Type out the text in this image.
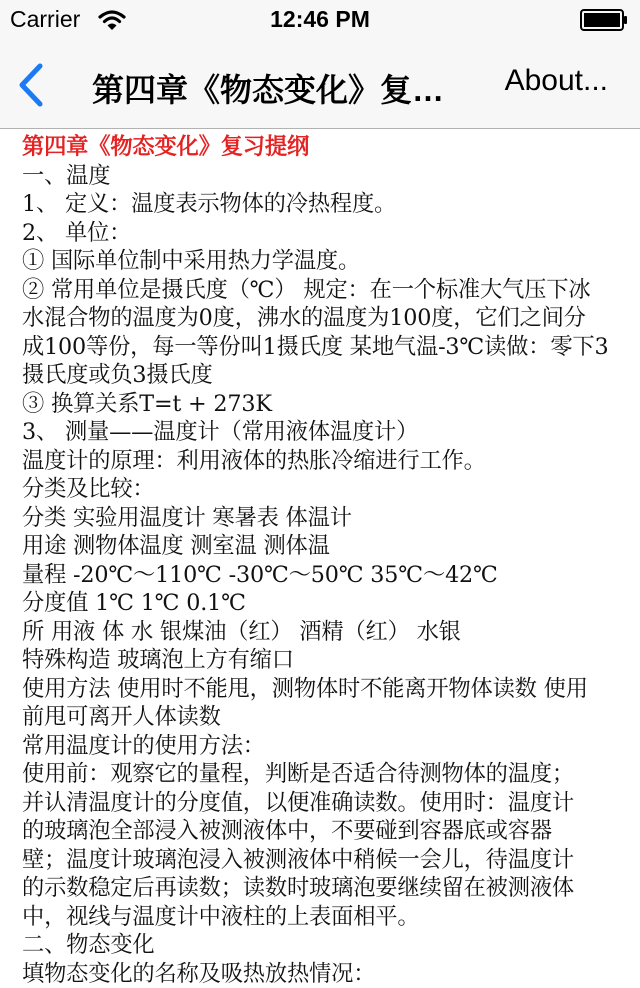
Carrier	12:46 PM
第四章《物态变化》复…	About...
第四章《物态变化》复习提纲
一、温度
1、 定义：温度表示物体的冷热程度。
2、 单位：
① 国际单位制中采用热力学温度。
② 常用单位是摄氏度（℃） 规定：在一个标准大气压下冰
水混合物的温度为0度，沸水的温度为100度，它们之间分
成100等份，每一等份叫1摄氏度 某地气温-3℃读做：零下3
摄氏度或负3摄氏度
③ 换算关系T=t + 273K
3、 测量——温度计（常用液体温度计）
温度计的原理：利用液体的热胀冷缩进行工作。
分类及比较：
分类 实验用温度计 寒暑表 体温计
用途 测物体温度 测室温 测体温
量程 -20℃～110℃ -30℃～50℃ 35℃～42℃
分度值 1℃ 1℃ 0.1℃
所 用液 体 水 银煤油（红） 酒精（红） 水银
特殊构造 玻璃泡上方有缩口
使用方法 使用时不能甩，测物体时不能离开物体读数 使用
前甩可离开人体读数
常用温度计的使用方法：
使用前：观察它的量程，判断是否适合待测物体的温度；
并认清温度计的分度值，以便准确读数。使用时：温度计
的玻璃泡全部浸入被测液体中，不要碰到容器底或容器
壁；温度计玻璃泡浸入被测液体中稍候一会儿，待温度计
的示数稳定后再读数；读数时玻璃泡要继续留在被测液体
中，视线与温度计中液柱的上表面相平。
二、物态变化
填物态变化的名称及吸热放热情况：
